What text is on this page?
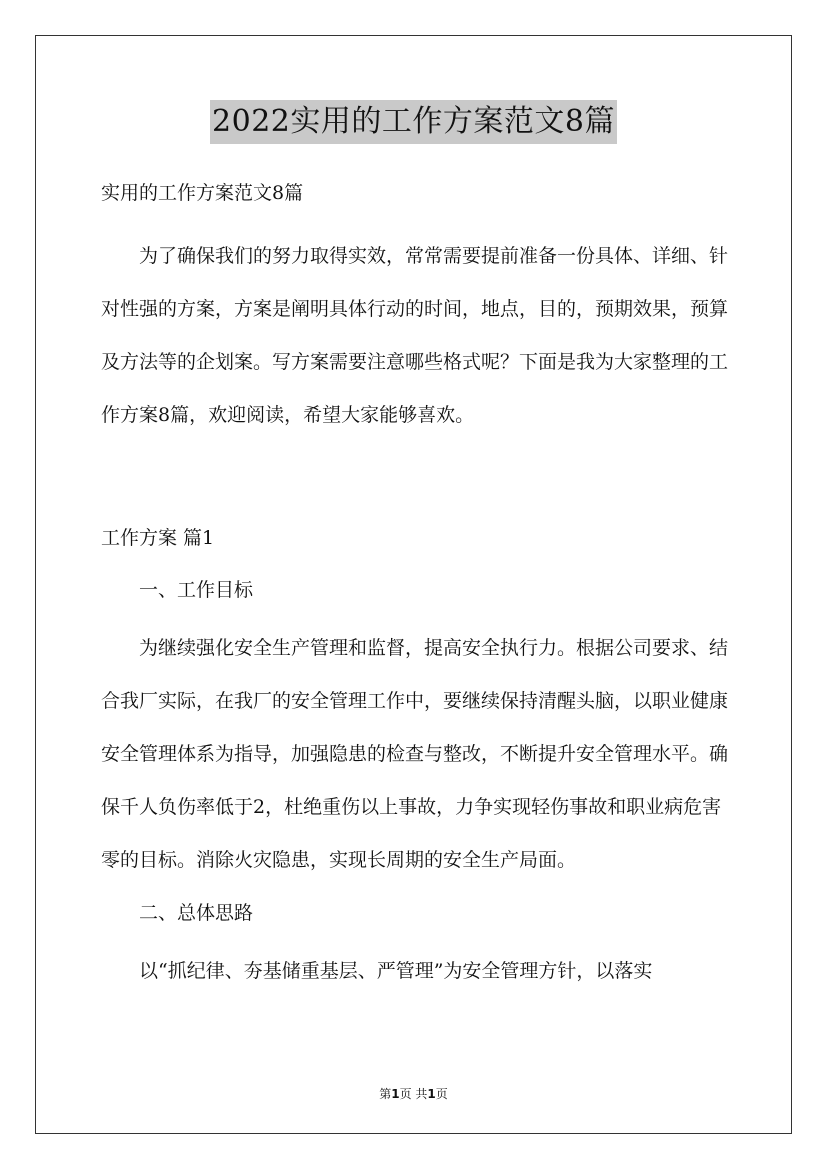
2022实用的工作方案范文8篇

实用的工作方案范文8篇

为了确保我们的努力取得实效，常常需要提前准备一份具体、详细、针对性强的方案，方案是阐明具体行动的时间，地点，目的，预期效果，预算及方法等的企划案。写方案需要注意哪些格式呢？下面是我为大家整理的工作方案8篇，欢迎阅读，希望大家能够喜欢。

工作方案 篇1

一、工作目标

为继续强化安全生产管理和监督，提高安全执行力。根据公司要求、结合我厂实际，在我厂的安全管理工作中，要继续保持清醒头脑，以职业健康安全管理体系为指导，加强隐患的检查与整改，不断提升安全管理水平。确保千人负伤率低于2，杜绝重伤以上事故，力争实现轻伤事故和职业病危害零的目标。消除火灾隐患，实现长周期的安全生产局面。

二、总体思路

以“抓纪律、夯基储重基层、严管理”为安全管理方针，以落实

第1页 共1页
